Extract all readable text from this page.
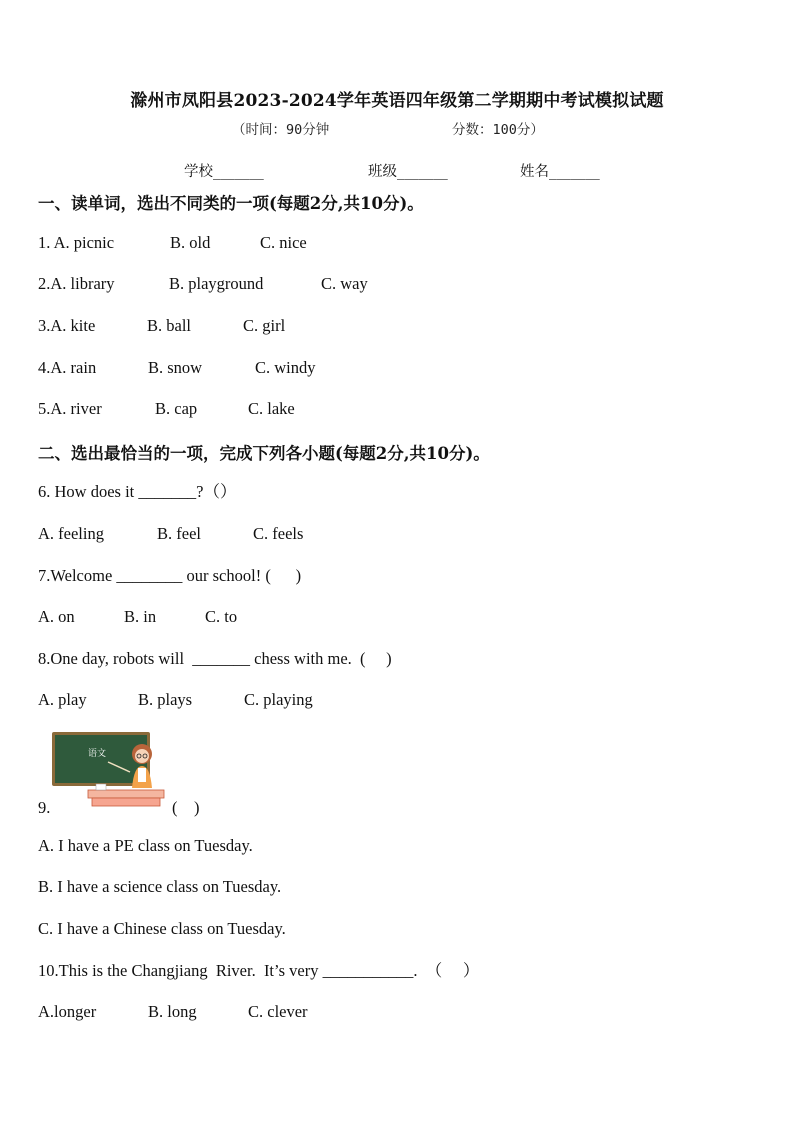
滁州市凤阳县2023-2024学年英语四年级第二学期期中考试模拟试题
（时间：90分钟	分数：100分）
学校_______	班级_______	姓名_______
一、读单词，选出不同类的一项(每题2分,共10分)。
1. A. picnic	B. old	C. nice
2.A. library	B. playground	C. way
3.A. kite	B. ball	C. girl
4.A. rain	B. snow	C. windy
5.A. river	B. cap	C. lake
二、选出最恰当的一项，完成下列各小题(每题2分,共10分)。
6. How does it _______?（）
A. feeling	B. feel	C. feels
7.Welcome ________ our school! (      )
A. on	B. in	C. to
8.One day, robots will  _______ chess with me.  (     )
A. play	B. plays	C. playing
语文
9.	(    )
A. I have a PE class on Tuesday.
B. I have a science class on Tuesday.
C. I have a Chinese class on Tuesday.
10.This is the Changjiang  River.  It’s very ___________.  （     ）
A.longer	B. long	C. clever
